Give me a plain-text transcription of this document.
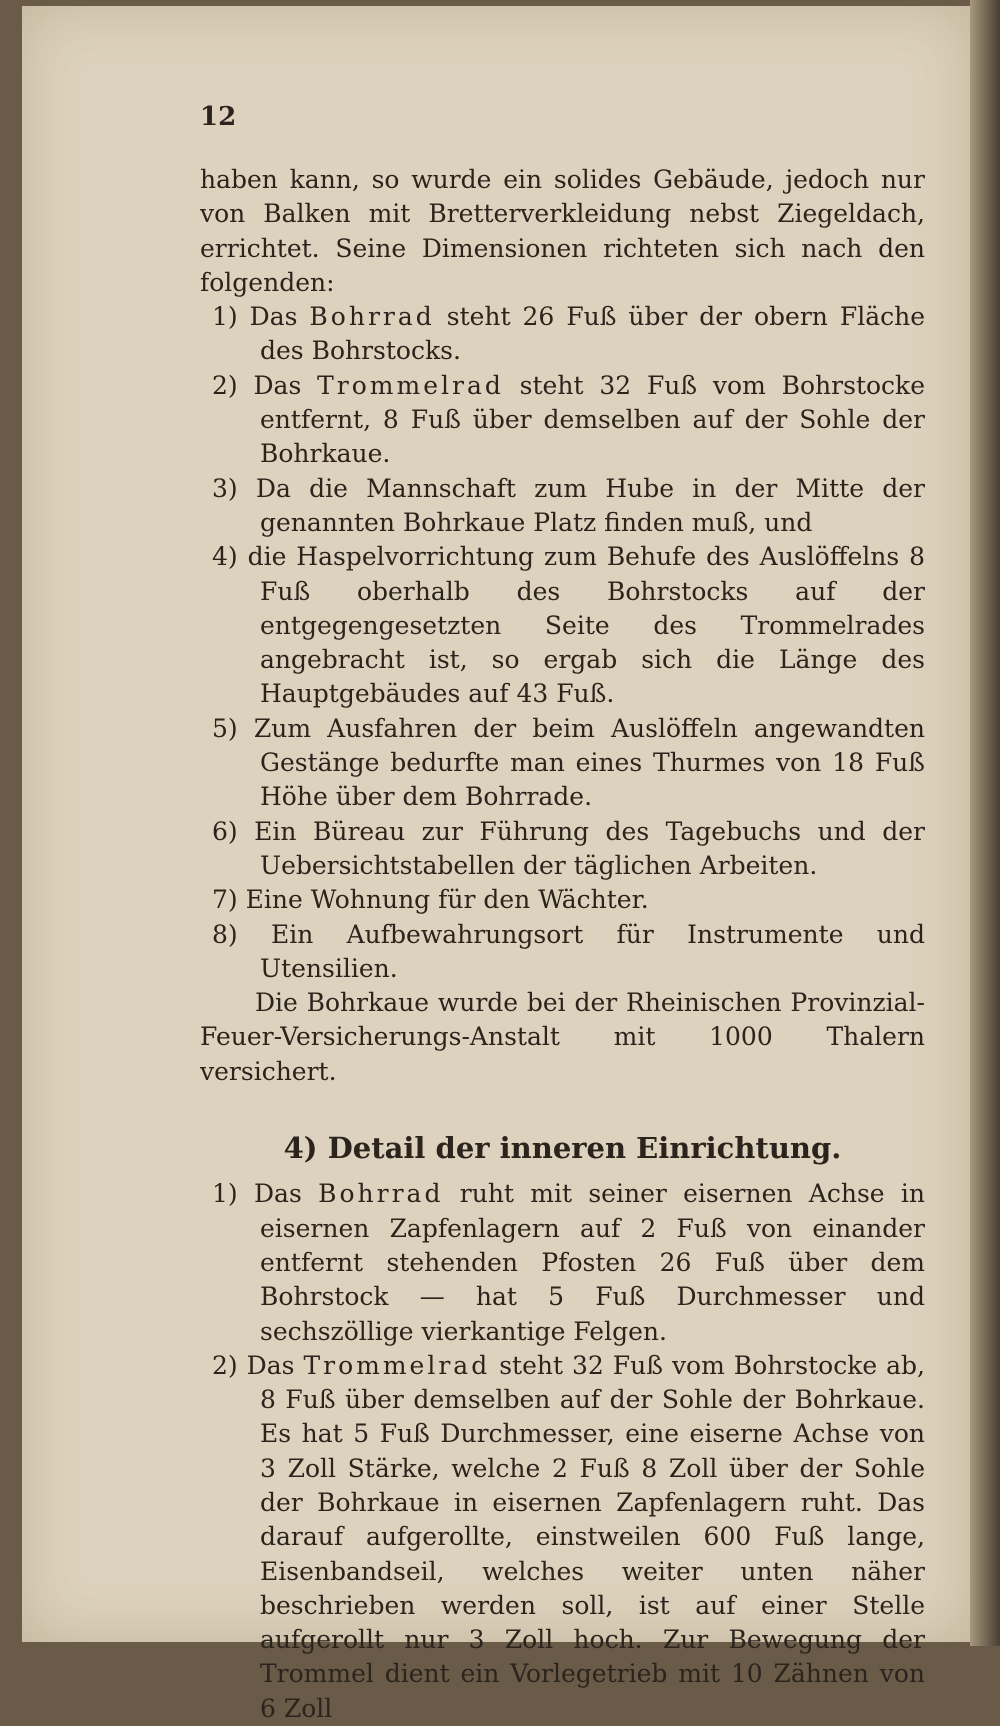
12

haben kann, so wurde ein solides Gebäude, jedoch nur von Balken mit Bretterverkleidung nebst Ziegeldach, errichtet. Seine Dimensionen richteten sich nach den folgenden:

1) Das Bohrrad steht 26 Fuß über der obern Fläche des Bohrstocks.

2) Das Trommelrad steht 32 Fuß vom Bohrstocke entfernt, 8 Fuß über demselben auf der Sohle der Bohrkaue.

3) Da die Mannschaft zum Hube in der Mitte der genannten Bohrkaue Platz finden muß, und

4) die Haspelvorrichtung zum Behufe des Auslöffelns 8 Fuß oberhalb des Bohrstocks auf der entgegengesetzten Seite des Trommelrades angebracht ist, so ergab sich die Länge des Hauptgebäudes auf 43 Fuß.

5) Zum Ausfahren der beim Auslöffeln angewandten Gestänge bedurfte man eines Thurmes von 18 Fuß Höhe über dem Bohrrade.

6) Ein Büreau zur Führung des Tagebuchs und der Uebersichtstabellen der täglichen Arbeiten.

7) Eine Wohnung für den Wächter.

8) Ein Aufbewahrungsort für Instrumente und Utensilien.

Die Bohrkaue wurde bei der Rheinischen Provinzial-Feuer-Versicherungs-Anstalt mit 1000 Thalern versichert.

4) Detail der inneren Einrichtung.

1) Das Bohrrad ruht mit seiner eisernen Achse in eisernen Zapfenlagern auf 2 Fuß von einander entfernt stehenden Pfosten 26 Fuß über dem Bohrstock — hat 5 Fuß Durchmesser und sechszöllige vierkantige Felgen.

2) Das Trommelrad steht 32 Fuß vom Bohrstocke ab, 8 Fuß über demselben auf der Sohle der Bohrkaue. Es hat 5 Fuß Durchmesser, eine eiserne Achse von 3 Zoll Stärke, welche 2 Fuß 8 Zoll über der Sohle der Bohrkaue in eisernen Zapfenlagern ruht. Das darauf aufgerollte, einstweilen 600 Fuß lange, Eisenbandseil, welches weiter unten näher beschrieben werden soll, ist auf einer Stelle aufgerollt nur 3 Zoll hoch. Zur Bewegung der Trommel dient ein Vorlegetrieb mit 10 Zähnen von 6 Zoll
